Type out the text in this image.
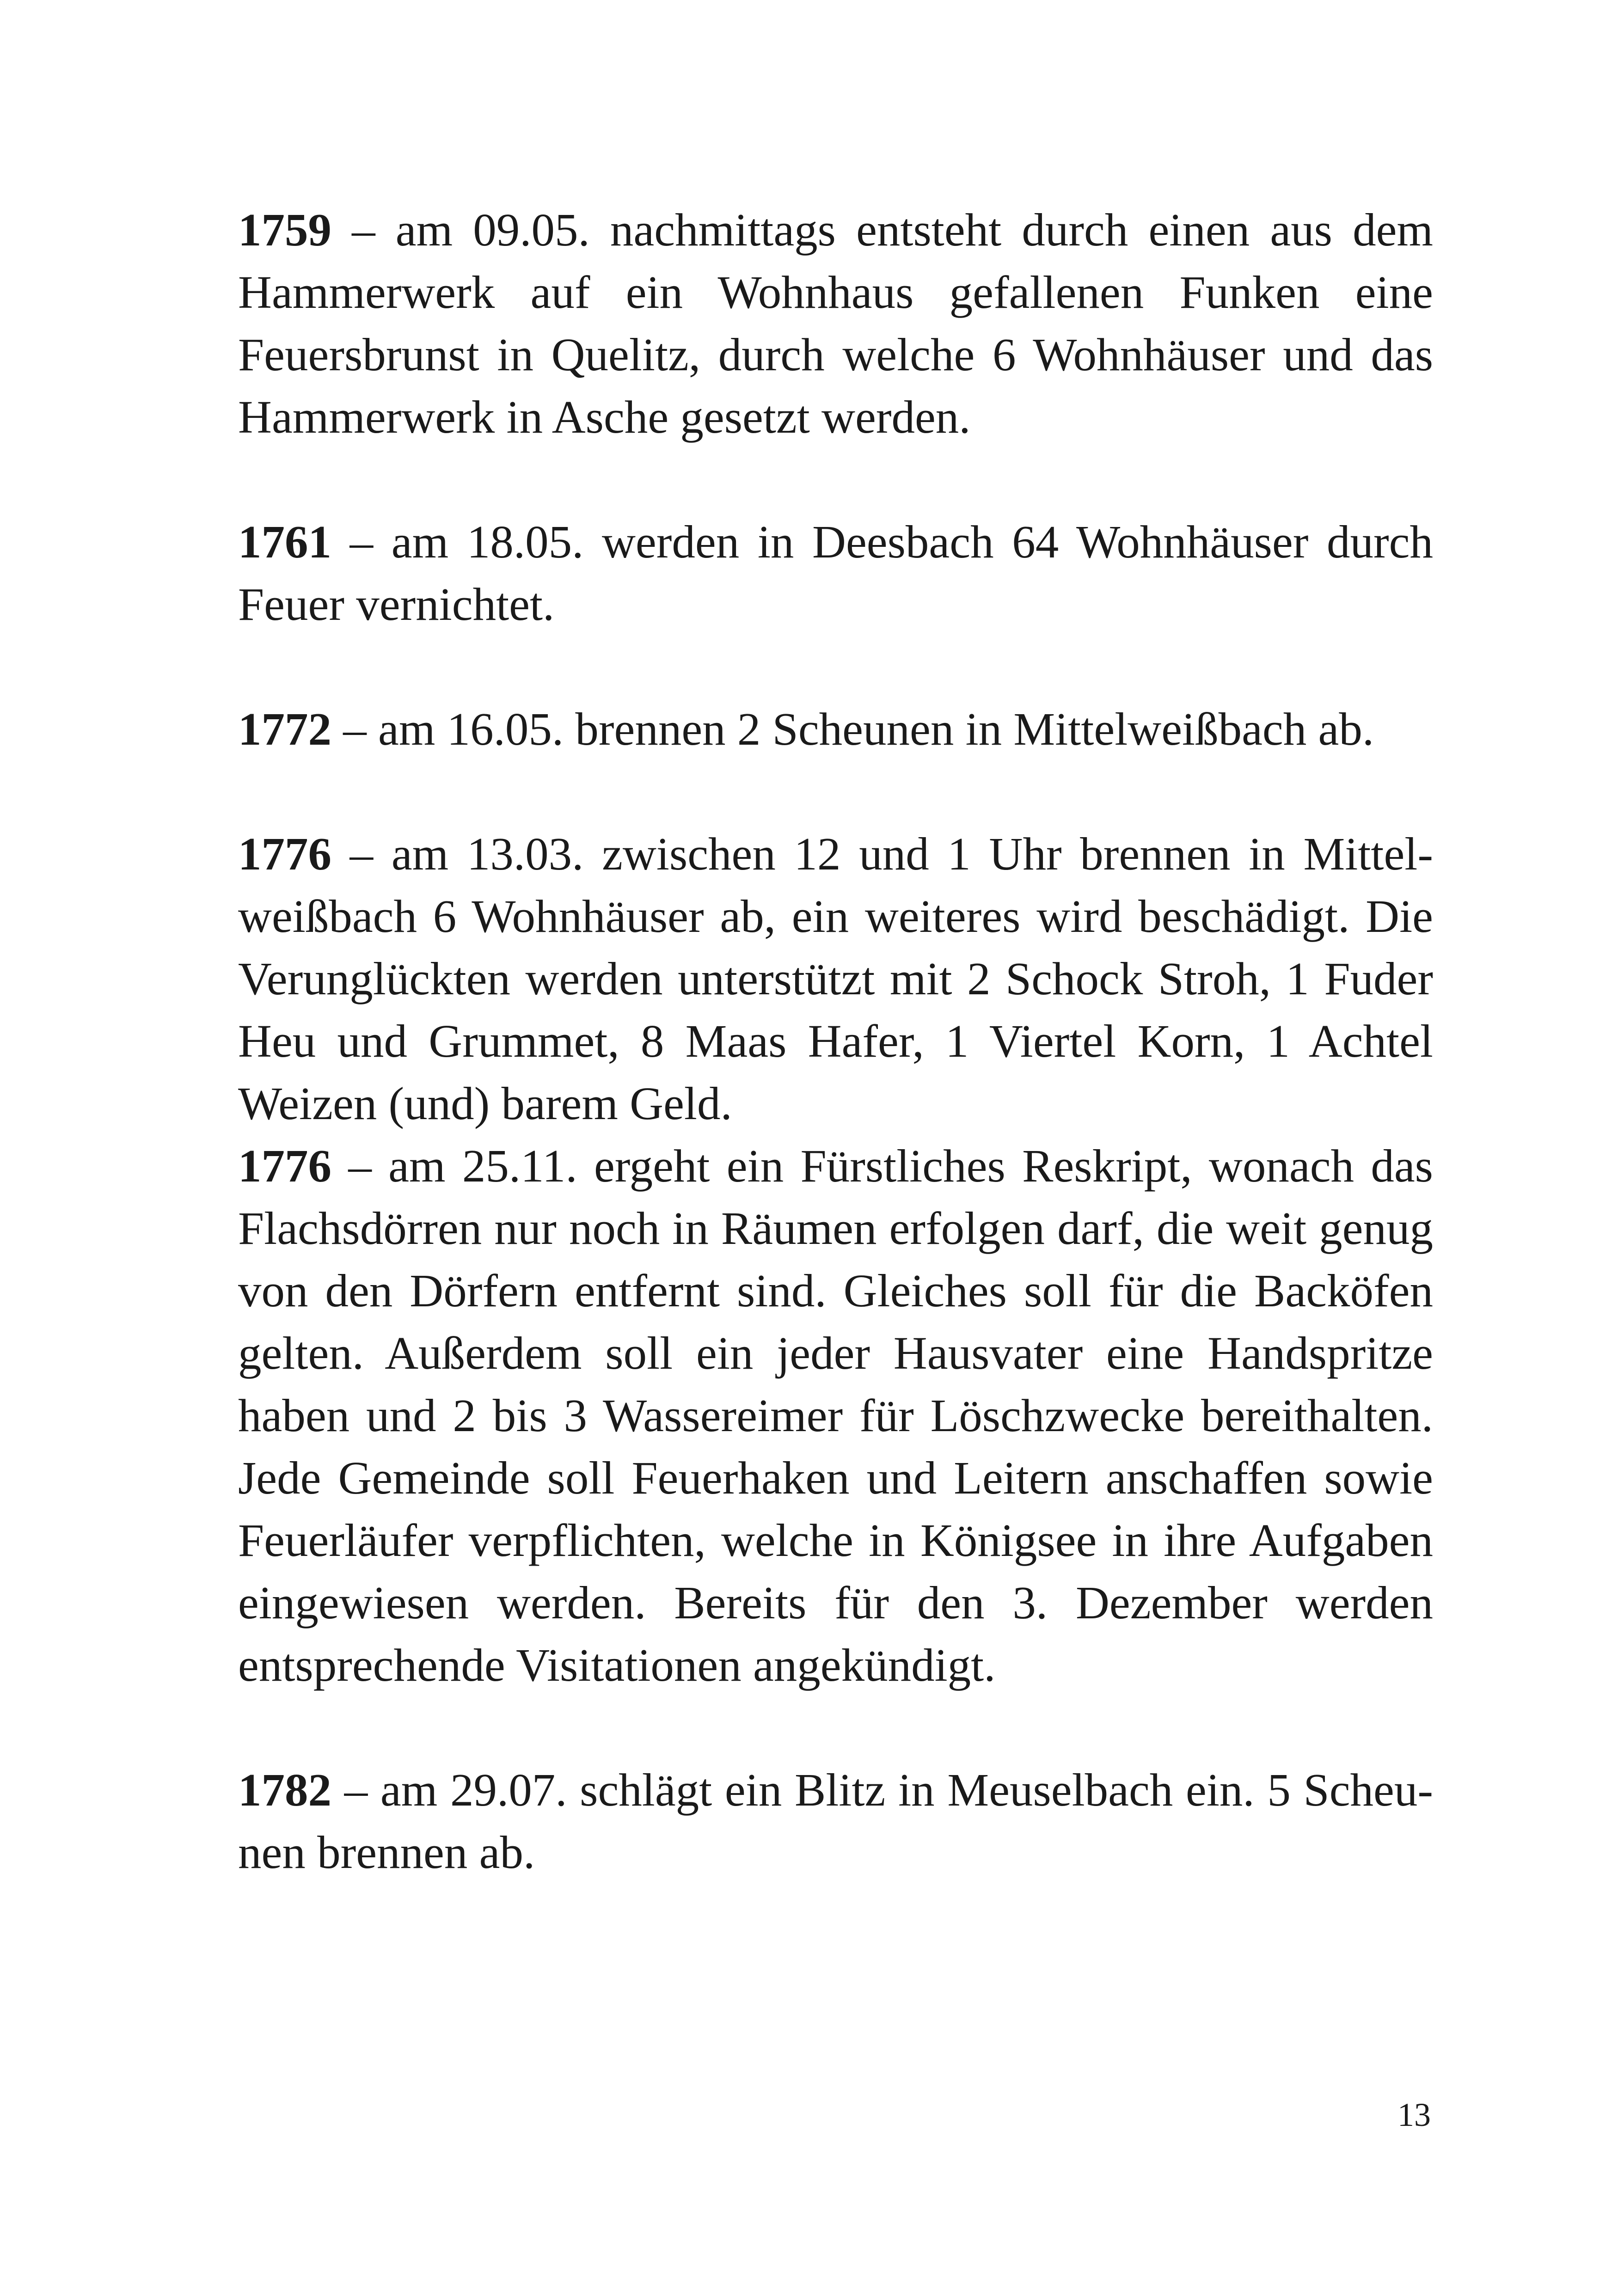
1759 – am 09.05. nachmittags entsteht durch einen aus dem Hammerwerk auf ein Wohnhaus gefallenen Funken eine Feuersbrunst in Quelitz, durch welche 6 Wohnhäuser und das Hammerwerk in Asche gesetzt werden.

1761 – am 18.05. werden in Deesbach 64 Wohnhäuser durch Feuer vernichtet.

1772 – am 16.05. brennen 2 Scheunen in Mittelweißbach ab.

1776 – am 13.03. zwischen 12 und 1 Uhr brennen in Mittelweißbach 6 Wohnhäuser ab, ein weiteres wird beschädigt. Die Verunglückten werden unterstützt mit 2 Schock Stroh, 1 Fuder Heu und Grummet, 8 Maas Hafer, 1 Viertel Korn, 1 Achtel Weizen (und) barem Geld.

1776 – am 25.11. ergeht ein Fürstliches Reskript, wonach das Flachsdörren nur noch in Räumen erfolgen darf, die weit genug von den Dörfern entfernt sind. Gleiches soll für die Backöfen gelten. Außerdem soll ein jeder Hausvater eine Handspritze haben und 2 bis 3 Wassereimer für Löschzwecke bereithalten. Jede Gemeinde soll Feuerhaken und Leitern anschaffen sowie Feuerläufer verpflichten, welche in Königsee in ihre Aufgaben eingewiesen werden. Bereits für den 3. Dezember werden entsprechende Visitationen angekündigt.

1782 – am 29.07. schlägt ein Blitz in Meuselbach ein. 5 Scheunen brennen ab.

13
